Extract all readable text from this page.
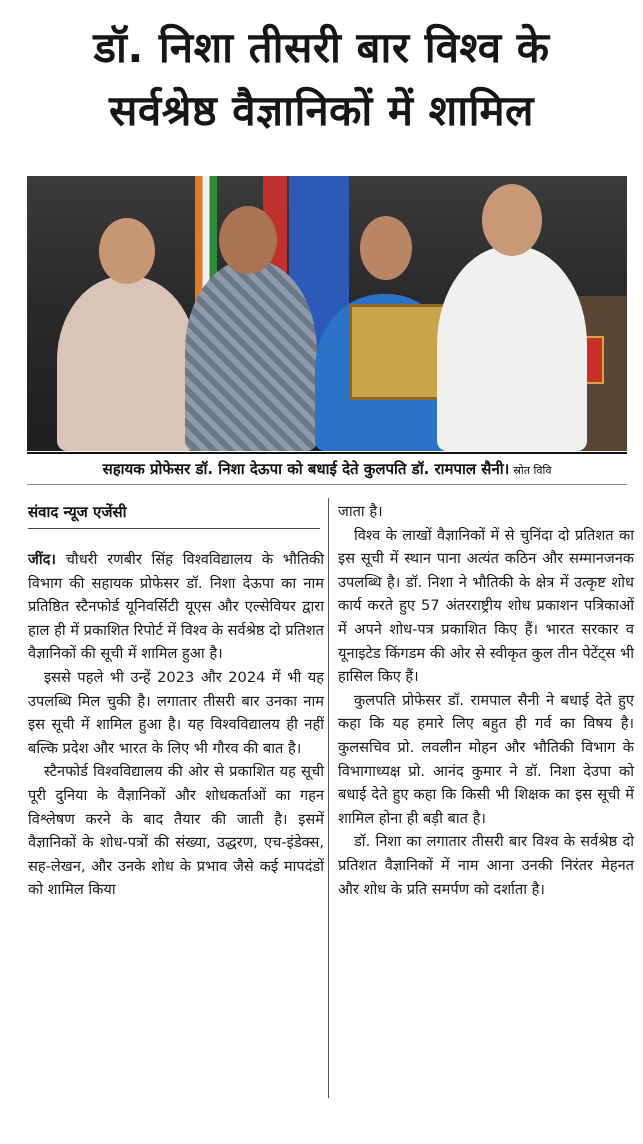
डॉ. निशा तीसरी बार विश्व के
सर्वश्रेष्ठ वैज्ञानिकों में शामिल
सहायक प्रोफेसर डॉ. निशा देऊपा को बधाई देते कुलपति डॉ. रामपाल सैनी। स्रोत विवि
संवाद न्यूज एजेंसी

जींद। चौधरी रणबीर सिंह विश्वविद्यालय के भौतिकी विभाग की सहायक प्रोफेसर डॉ. निशा देऊपा का नाम प्रतिष्ठित स्टैनफोर्ड यूनिवर्सिटी यूएस और एल्सेवियर द्वारा हाल ही में प्रकाशित रिपोर्ट में विश्व के सर्वश्रेष्ठ दो प्रतिशत वैज्ञानिकों की सूची में शामिल हुआ है।

इससे पहले भी उन्हें 2023 और 2024 में भी यह उपलब्धि मिल चुकी है। लगातार तीसरी बार उनका नाम इस सूची में शामिल हुआ है। यह विश्वविद्यालय ही नहीं बल्कि प्रदेश और भारत के लिए भी गौरव की बात है।

स्टैनफोर्ड विश्वविद्यालय की ओर से प्रकाशित यह सूची पूरी दुनिया के वैज्ञानिकों और शोधकर्ताओं का गहन विश्लेषण करने के बाद तैयार की जाती है। इसमें वैज्ञानिकों के शोध-पत्रों की संख्या, उद्धरण, एच-इंडेक्स, सह-लेखन, और उनके शोध के प्रभाव जैसे कई मापदंडों को शामिल किया

जाता है।

विश्व के लाखों वैज्ञानिकों में से चुनिंदा दो प्रतिशत का इस सूची में स्थान पाना अत्यंत कठिन और सम्मानजनक उपलब्धि है। डॉ. निशा ने भौतिकी के क्षेत्र में उत्कृष्ट शोध कार्य करते हुए 57 अंतरराष्ट्रीय शोध प्रकाशन पत्रिकाओं में अपने शोध-पत्र प्रकाशित किए हैं। भारत सरकार व यूनाइटेड किंगडम की ओर से स्वीकृत कुल तीन पेटेंट्स भी हासिल किए हैं।

कुलपति प्रोफेसर डॉ. रामपाल सैनी ने बधाई देते हुए कहा कि यह हमारे लिए बहुत ही गर्व का विषय है। कुलसचिव प्रो. लवलीन मोहन और भौतिकी विभाग के विभागाध्यक्ष प्रो. आनंद कुमार ने डॉ. निशा देउपा को बधाई देते हुए कहा कि किसी भी शिक्षक का इस सूची में शामिल होना ही बड़ी बात है।

डॉ. निशा का लगातार तीसरी बार विश्व के सर्वश्रेष्ठ दो प्रतिशत वैज्ञानिकों में नाम आना उनकी निरंतर मेहनत और शोध के प्रति समर्पण को दर्शाता है।
